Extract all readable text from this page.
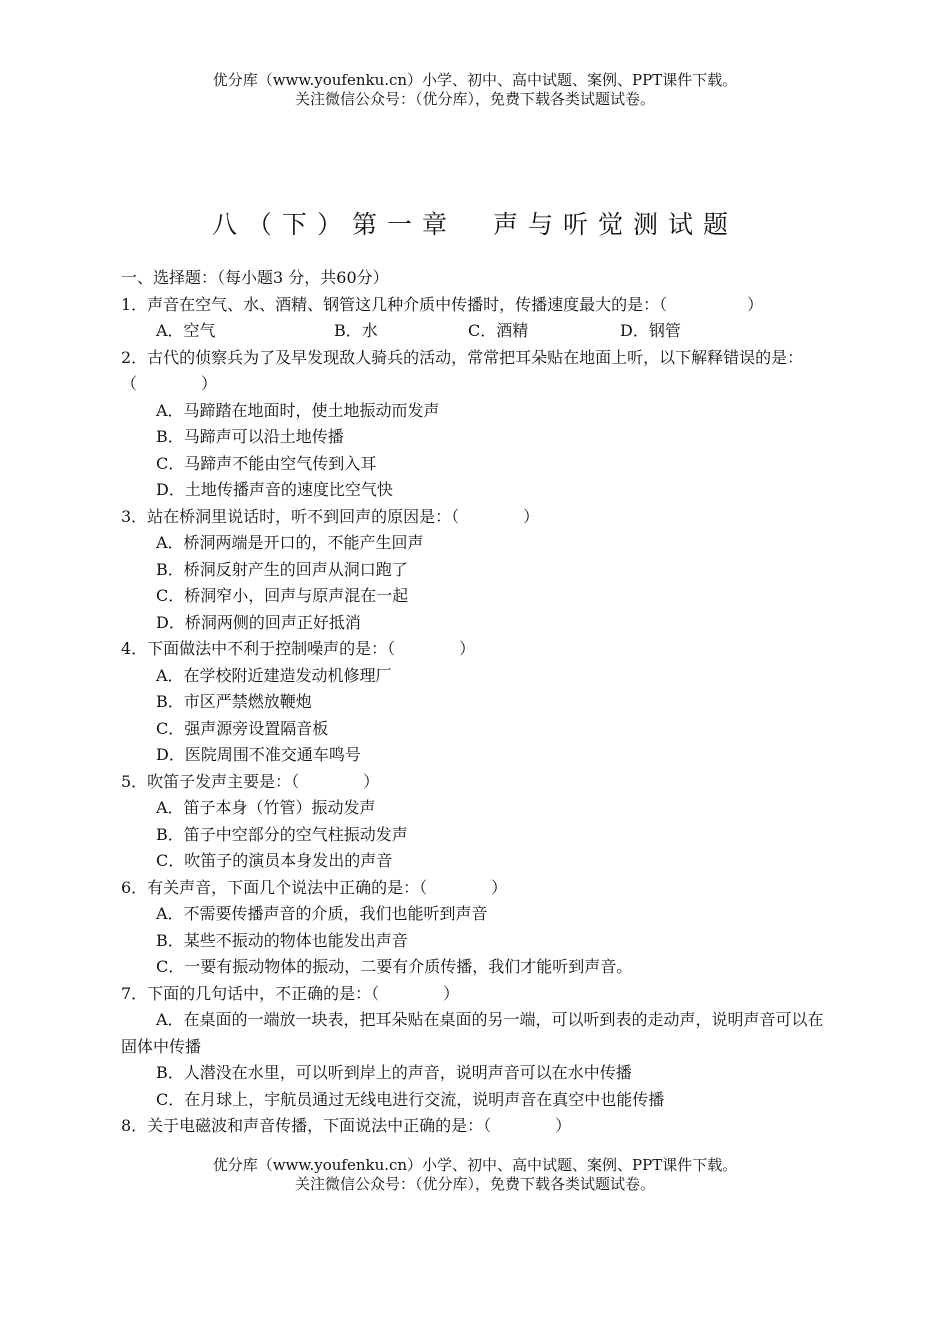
优分库（www.youfenku.cn）小学、初中、高中试题、案例、PPT课件下载。
关注微信公众号：（优分库），免费下载各类试题试卷。
八（下）第一章 声与听觉测试题
一、选择题：（每小题3 分，共60分）
1．声音在空气、水、酒精、钢管这几种介质中传播时，传播速度最大的是：（　　　　　）
A．空气	B．水	C．酒精	D．钢管
2．古代的侦察兵为了及早发现敌人骑兵的活动，常常把耳朵贴在地面上听，以下解释错误的是：（　　　　）
A．马蹄踏在地面时，使土地振动而发声
B．马蹄声可以沿土地传播
C．马蹄声不能由空气传到入耳
D．土地传播声音的速度比空气快
3．站在桥洞里说话时，听不到回声的原因是：（　　　　）
A．桥洞两端是开口的，不能产生回声
B．桥洞反射产生的回声从洞口跑了
C．桥洞窄小，回声与原声混在一起
D．桥洞两侧的回声正好抵消
4．下面做法中不利于控制噪声的是：（　　　　）
A．在学校附近建造发动机修理厂
B．市区严禁燃放鞭炮
C．强声源旁设置隔音板
D．医院周围不准交通车鸣号
5．吹笛子发声主要是：（　　　　）
A．笛子本身（竹管）振动发声
B．笛子中空部分的空气柱振动发声
C．吹笛子的演员本身发出的声音
6．有关声音，下面几个说法中正确的是：（　　　　）
A．不需要传播声音的介质，我们也能听到声音
B．某些不振动的物体也能发出声音
C．一要有振动物体的振动，二要有介质传播，我们才能听到声音。
7．下面的几句话中，不正确的是：（　　　　）
A．在桌面的一端放一块表，把耳朵贴在桌面的另一端，可以听到表的走动声，说明声音可以在固体中传播
B．人潜没在水里，可以听到岸上的声音，说明声音可以在水中传播
C．在月球上，宇航员通过无线电进行交流，说明声音在真空中也能传播
8．关于电磁波和声音传播，下面说法中正确的是：（　　　　）
优分库（www.youfenku.cn）小学、初中、高中试题、案例、PPT课件下载。
关注微信公众号：（优分库），免费下载各类试题试卷。
